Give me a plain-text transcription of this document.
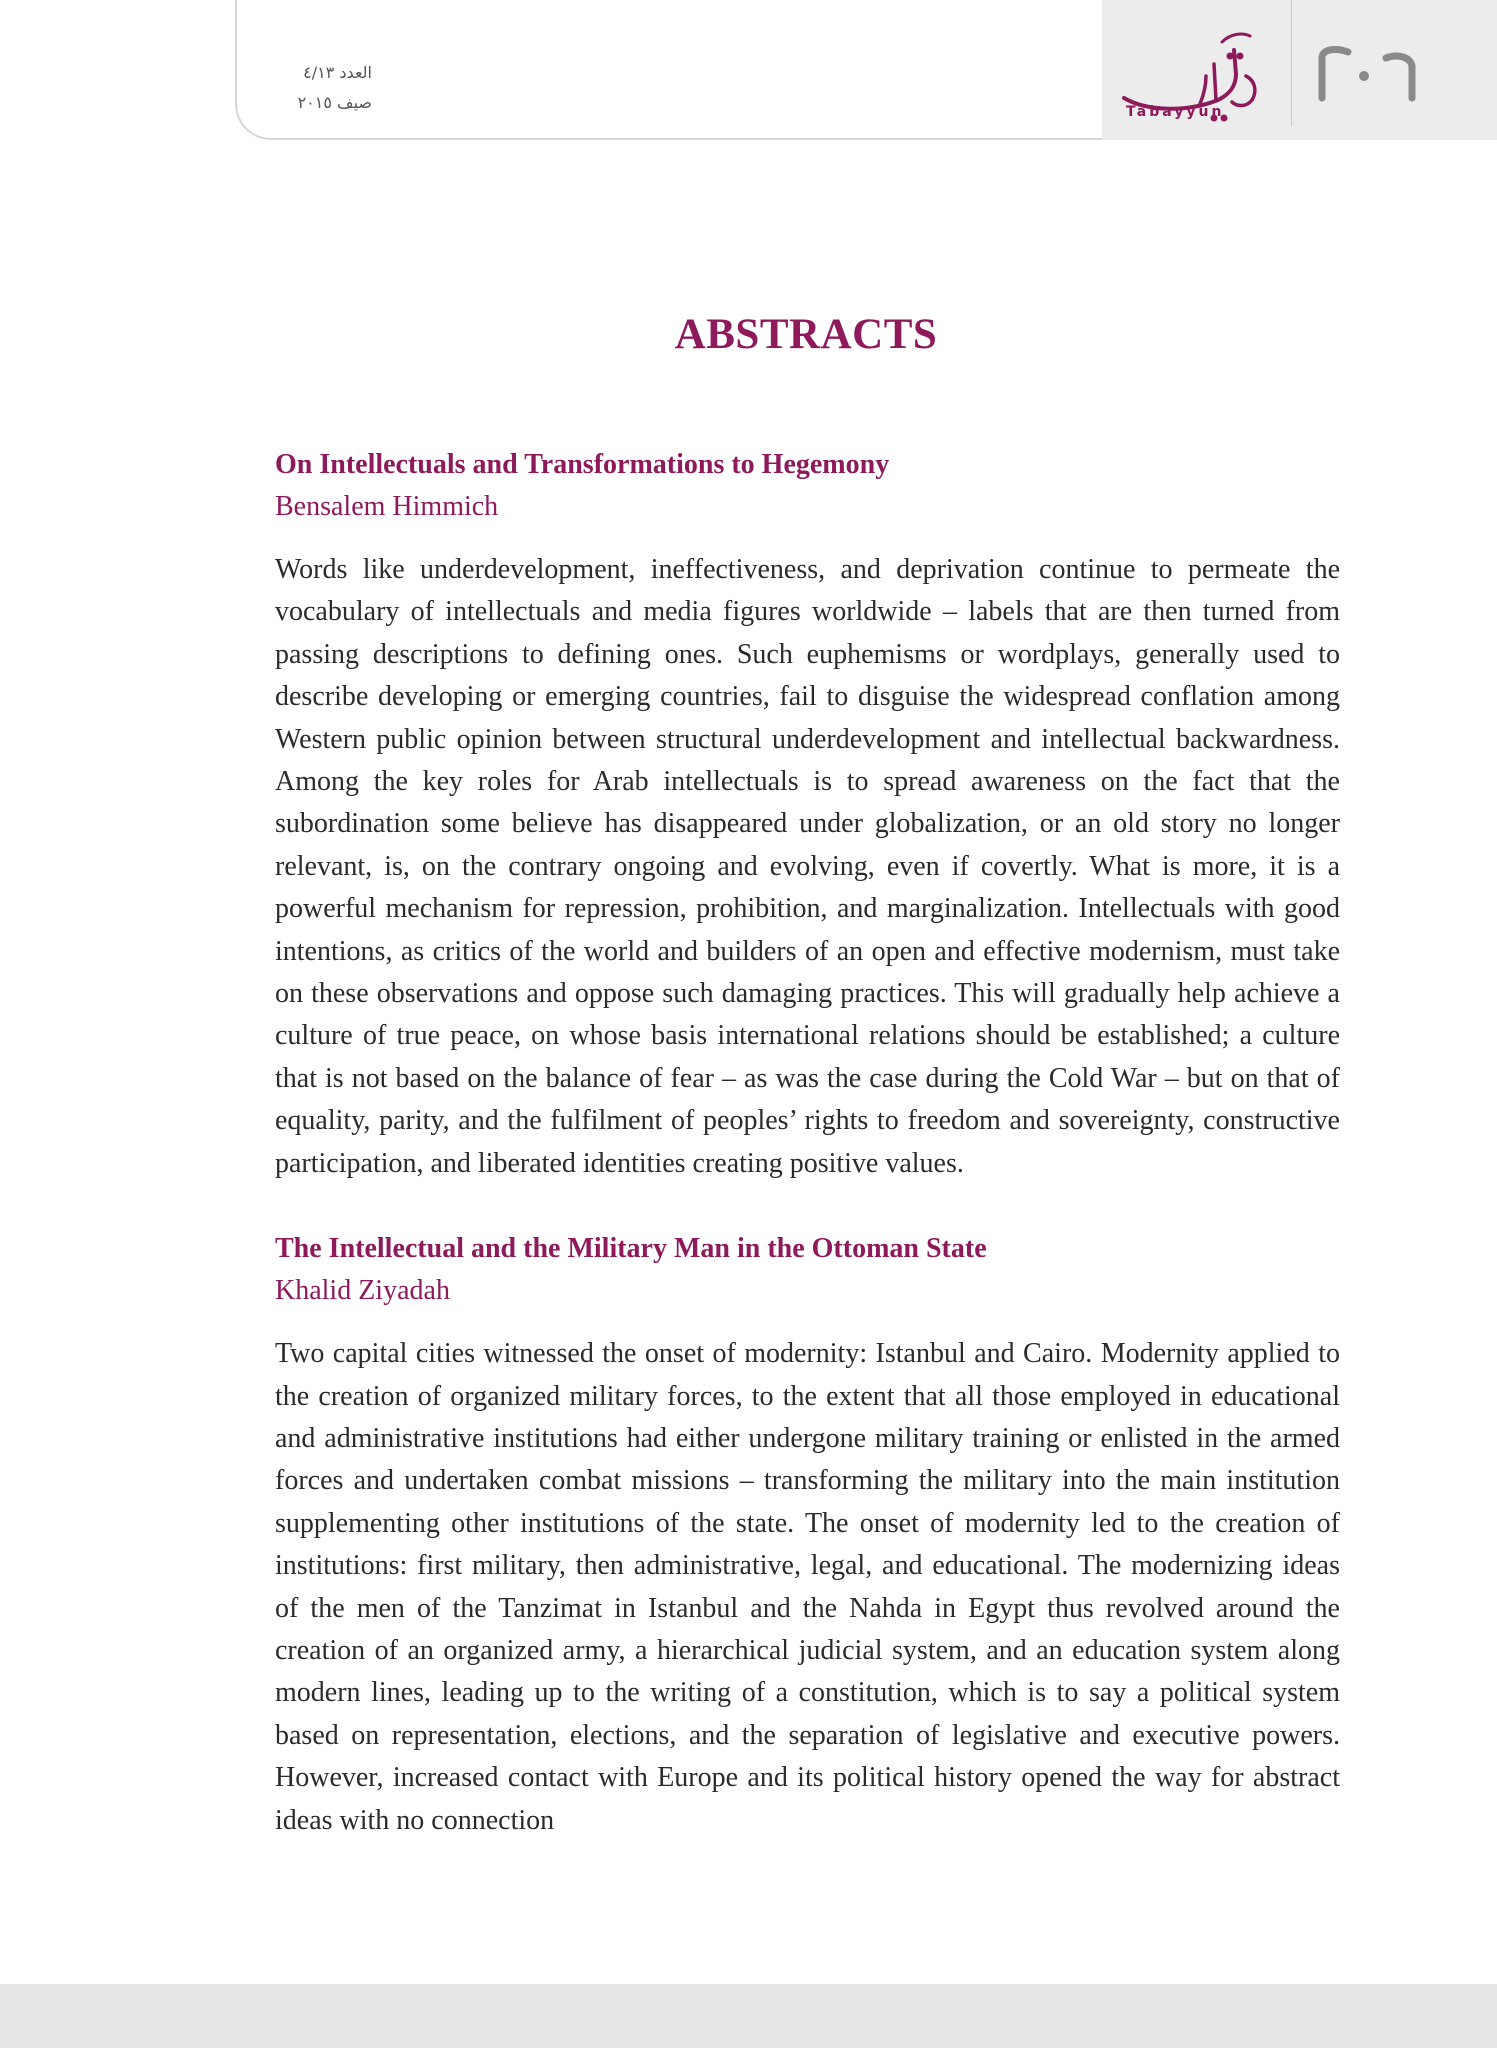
العدد ٤/١٣
صيف ٢٠١٥	Tabayyun
ABSTRACTS
On Intellectuals and Transformations to Hegemony

Bensalem Himmich

Words like underdevelopment, ineffectiveness, and deprivation continue to permeate the vocabulary of intellectuals and media figures worldwide – labels that are then turned from passing descriptions to defining ones. Such euphemisms or wordplays, generally used to describe developing or emerging countries, fail to disguise the widespread conflation among Western public opinion between structural underdevelopment and intellectual backwardness. Among the key roles for Arab intellectuals is to spread awareness on the fact that the subordination some believe has disappeared under globalization, or an old story no longer relevant, is, on the contrary ongoing and evolving, even if covertly. What is more, it is a powerful mechanism for repression, prohibition, and marginalization. Intellectuals with good intentions, as critics of the world and builders of an open and effective modernism, must take on these observations and oppose such damaging practices. This will gradually help achieve a culture of true peace, on whose basis international relations should be established; a culture that is not based on the balance of fear – as was the case during the Cold War – but on that of equality, parity, and the fulfilment of peoples’ rights to freedom and sovereignty, constructive participation, and liberated identities creating positive values.

The Intellectual and the Military Man in the Ottoman State

Khalid Ziyadah

Two capital cities witnessed the onset of modernity: Istanbul and Cairo. Modernity applied to the creation of organized military forces, to the extent that all those employed in educational and administrative institutions had either undergone military training or enlisted in the armed forces and undertaken combat missions – transforming the military into the main institution supplementing other institutions of the state. The onset of modernity led to the creation of institutions: first military, then administrative, legal, and educational. The modernizing ideas of the men of the Tanzimat in Istanbul and the Nahda in Egypt thus revolved around the creation of an organized army, a hierarchical judicial system, and an education system along modern lines, leading up to the writing of a constitution, which is to say a political system based on representation, elections, and the separation of legislative and executive powers. However, increased contact with Europe and its political history opened the way for abstract ideas with no connection
